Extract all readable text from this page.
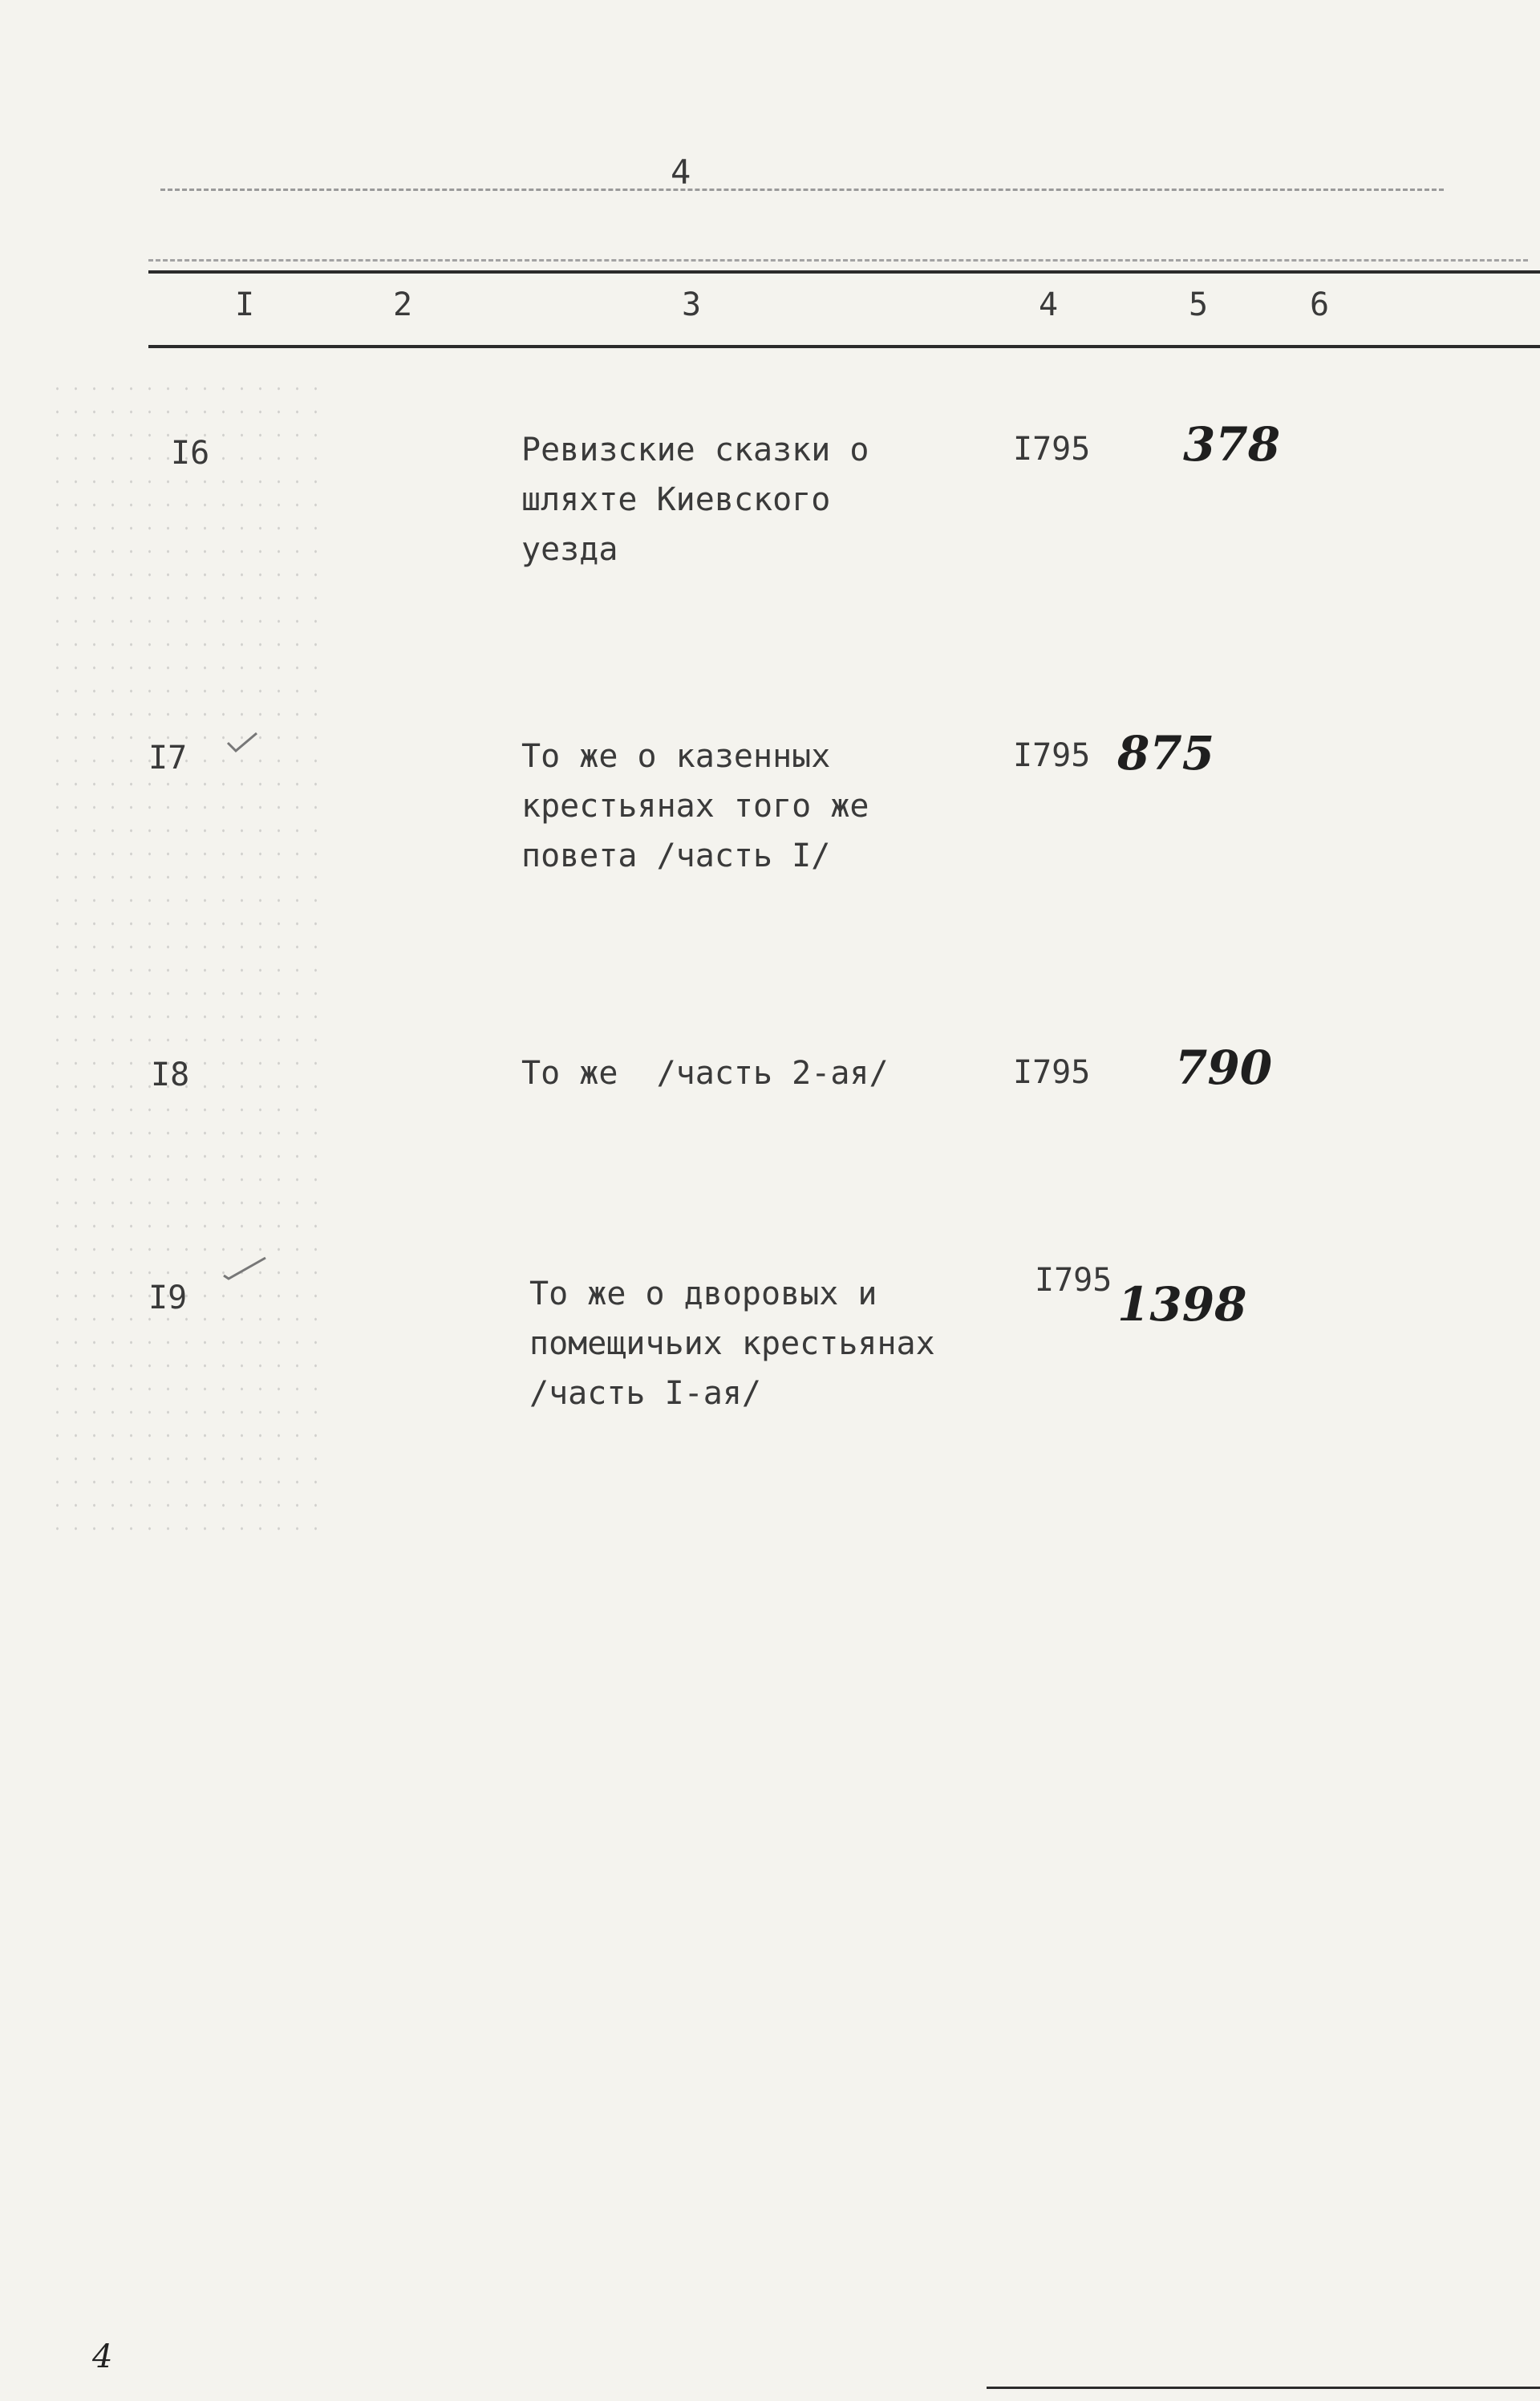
4
I	2	3	4	5	6
I6	Ревизские сказки о
шляхте Киевского
уезда
I795 378
I7	То же о казенных
крестьянах того же
повета /часть I/
I795 875
I8	То же  /часть 2-ая/	I795 790
I9	То же о дворовых и
помещичьих крестьянах
/часть I-ая/
I795 1398
4
